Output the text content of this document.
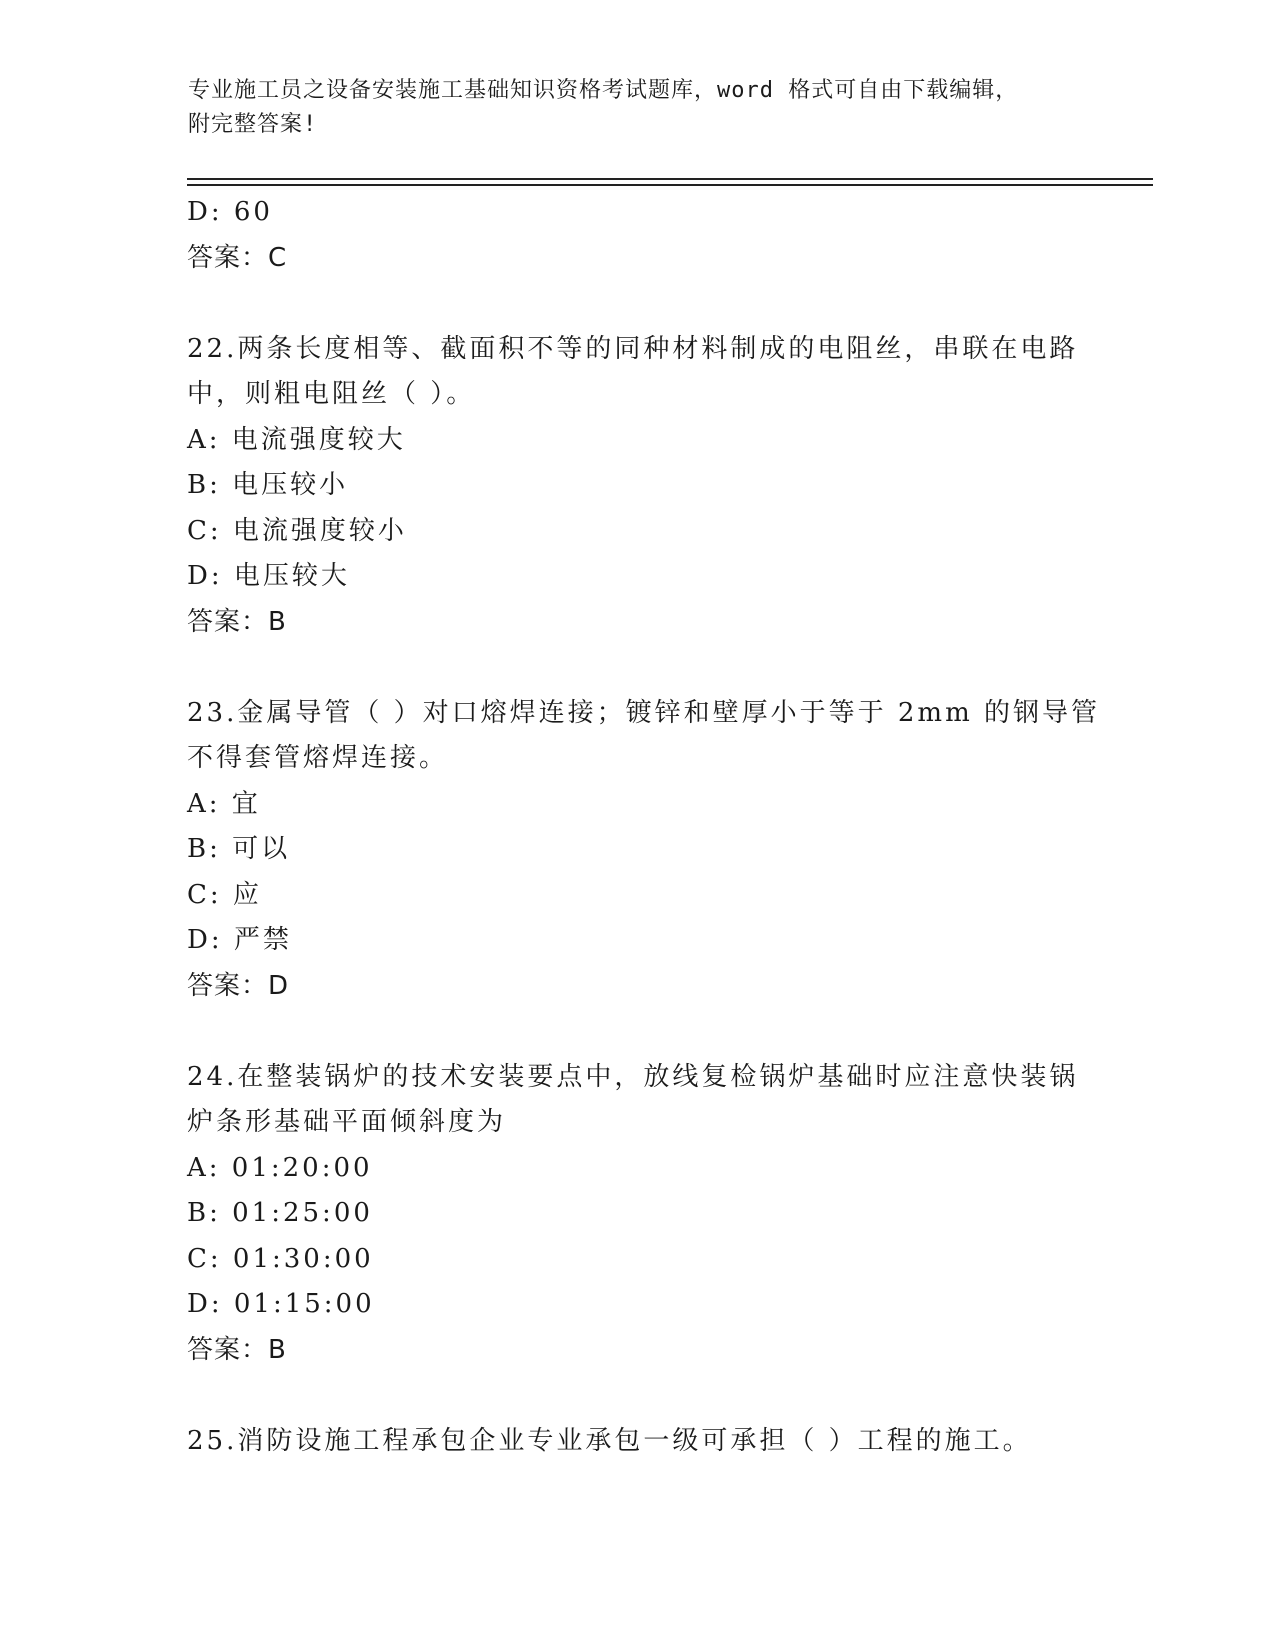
专业施工员之设备安装施工基础知识资格考试题库，word 格式可自由下载编辑，
附完整答案!
D: 60
答案：C
22.两条长度相等、截面积不等的同种材料制成的电阻丝，串联在电路
中，则粗电阻丝（ ）。
A: 电流强度较大
B: 电压较小
C: 电流强度较小
D: 电压较大
答案：B
23.金属导管（ ）对口熔焊连接；镀锌和壁厚小于等于 2mm 的钢导管
不得套管熔焊连接。
A: 宜
B: 可以
C: 应
D: 严禁
答案：D
24.在整装锅炉的技术安装要点中，放线复检锅炉基础时应注意快装锅
炉条形基础平面倾斜度为
A: 01:20:00
B: 01:25:00
C: 01:30:00
D: 01:15:00
答案：B
25.消防设施工程承包企业专业承包一级可承担（ ）工程的施工。
